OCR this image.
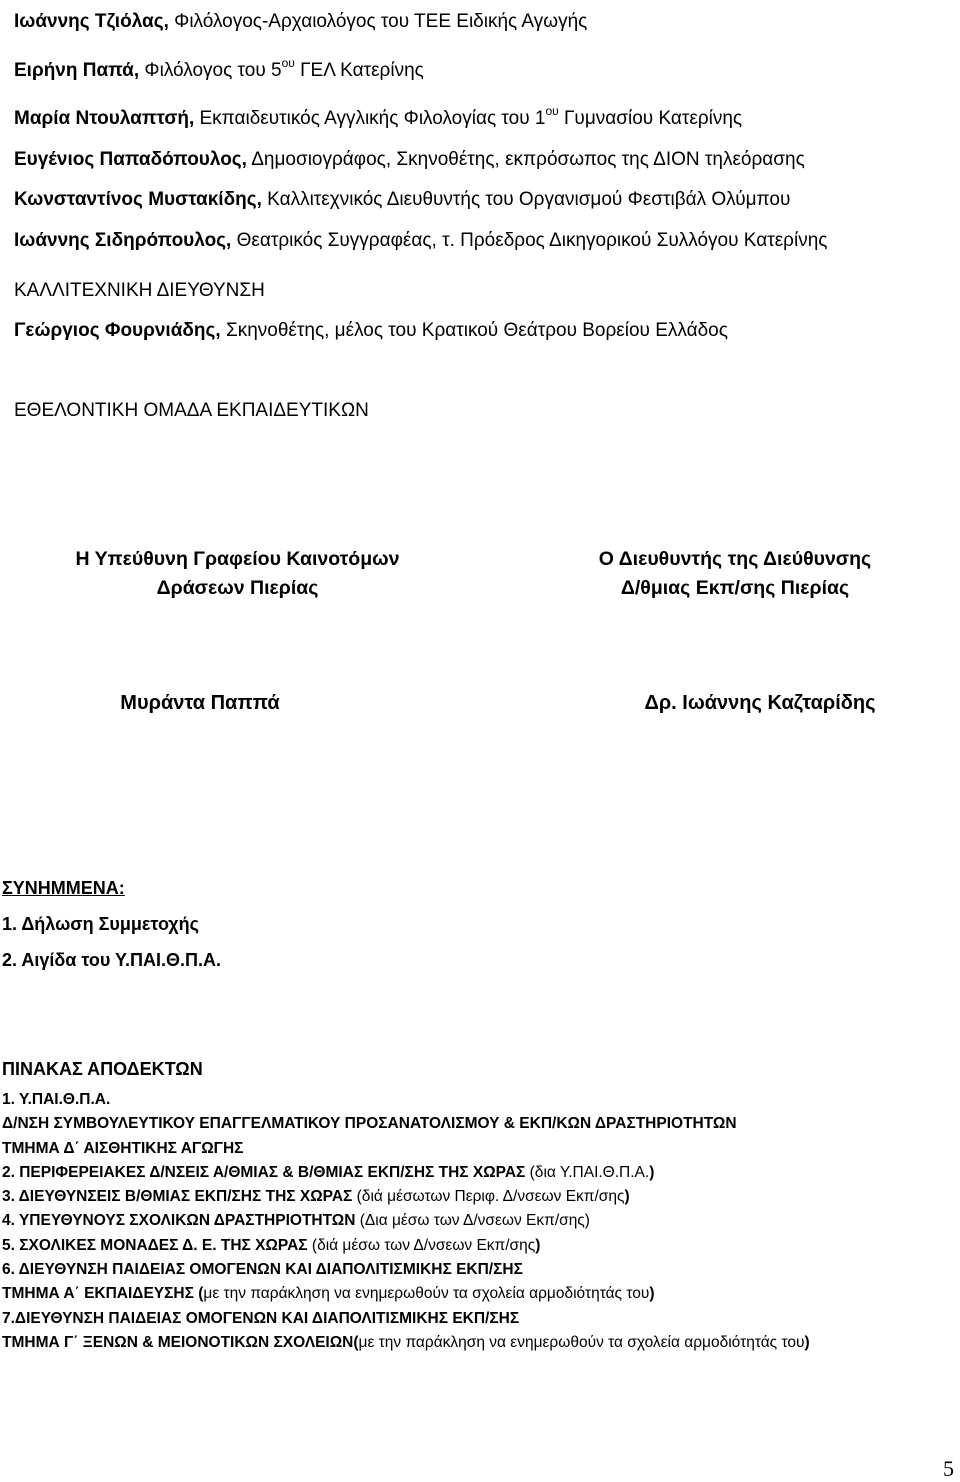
Ιωάννης Τζιόλας, Φιλόλογος-Αρχαιολόγος του ΤΕΕ Ειδικής Αγωγής
Ειρήνη Παπά, Φιλόλογος του $5^{o\upsilon}$ ΓΕΛ Κατερίνης
Μαρία Ντουλαπτσή, Εκπαιδευτικός Αγγλικής Φιλολογίας του $1^{o\upsilon}$ Γυμνασίου Κατερίνης
Ευγένιος Παπαδόπουλος, Δημοσιογράφος, Σκηνοθέτης, εκπρόσωπος της ΔΙΟΝ τηλεόρασης
Κωνσταντίνος Μυστακίδης, Καλλιτεχνικός Διευθυντής του Οργανισμού Φεστιβάλ Ολύμπου
Ιωάννης Σιδηρόπουλος, Θεατρικός Συγγραφέας, τ. Πρόεδρος Δικηγορικού Συλλόγου Κατερίνης
ΚΑΛΛΙΤΕΧΝΙΚΗ ΔΙΕΥΘΥΝΣΗ
Γεώργιος Φουρνιάδης, Σκηνοθέτης, μέλος του Κρατικού Θεάτρου Βορείου Ελλάδος
ΕΘΕΛΟΝΤΙΚΗ ΟΜΑΔΑ ΕΚΠΑΙΔΕΥΤΙΚΩΝ
Η Υπεύθυνη Γραφείου Καινοτόμων
Δράσεων Πιερίας
Ο Διευθυντής της Διεύθυνσης
Δ/θμιας Εκπ/σης Πιερίας
Μυράντα Παππά	Δρ. Ιωάννης Καζταρίδης
ΣΥΝΗΜΜΕΝΑ:
1. Δήλωση Συμμετοχής
2. Αιγίδα του Υ.ΠΑΙ.Θ.Π.Α.
ΠΙΝΑΚΑΣ ΑΠΟΔΕΚΤΩΝ
1. Υ.ΠΑΙ.Θ.Π.Α.
Δ/ΝΣΗ ΣΥΜΒΟΥΛΕΥΤΙΚΟΥ ΕΠΑΓΓΕΛΜΑΤΙΚΟΥ ΠΡΟΣΑΝΑΤΟΛΙΣΜΟΥ & ΕΚΠ/ΚΩΝ ΔΡΑΣΤΗΡΙΟΤΗΤΩΝ
ΤΜΗΜΑ Δ΄ ΑΙΣΘΗΤΙΚΗΣ ΑΓΩΓΗΣ
2. ΠΕΡΙΦΕΡΕΙΑΚΕΣ Δ/ΝΣΕΙΣ Α/ΘΜΙΑΣ & Β/ΘΜΙΑΣ ΕΚΠ/ΣΗΣ ΤΗΣ ΧΩΡΑΣ (δια Υ.ΠΑΙ.Θ.Π.Α.)
3. ΔΙΕΥΘΥΝΣΕΙΣ Β/ΘΜΙΑΣ ΕΚΠ/ΣΗΣ ΤΗΣ ΧΩΡΑΣ (διά μέσωτων Περιφ. Δ/νσεων Εκπ/σης)
4. ΥΠΕΥΘΥΝΟΥΣ ΣΧΟΛΙΚΩΝ ΔΡΑΣΤΗΡΙΟΤΗΤΩΝ (Δια μέσω των Δ/νσεων Εκπ/σης)
5. ΣΧΟΛΙΚΕΣ ΜΟΝΑΔΕΣ Δ. Ε. ΤΗΣ ΧΩΡΑΣ (διά μέσω των Δ/νσεων Εκπ/σης)
6. ΔΙΕΥΘΥΝΣΗ ΠΑΙΔΕΙΑΣ ΟΜΟΓΕΝΩΝ ΚΑΙ ΔΙΑΠΟΛΙΤΙΣΜΙΚΗΣ ΕΚΠ/ΣΗΣ
ΤΜΗΜΑ Α΄ ΕΚΠΑΙΔΕΥΣΗΣ (με την παράκληση να ενημερωθούν τα σχολεία αρμοδιότητάς του)
7.ΔΙΕΥΘΥΝΣΗ ΠΑΙΔΕΙΑΣ ΟΜΟΓΕΝΩΝ ΚΑΙ ΔΙΑΠΟΛΙΤΙΣΜΙΚΗΣ ΕΚΠ/ΣΗΣ
ΤΜΗΜΑ Γ΄ ΞΕΝΩΝ & ΜΕΙΟΝΟΤΙΚΩΝ ΣΧΟΛΕΙΩΝ(με την παράκληση να ενημερωθούν τα σχολεία αρμοδιότητάς του)
5
